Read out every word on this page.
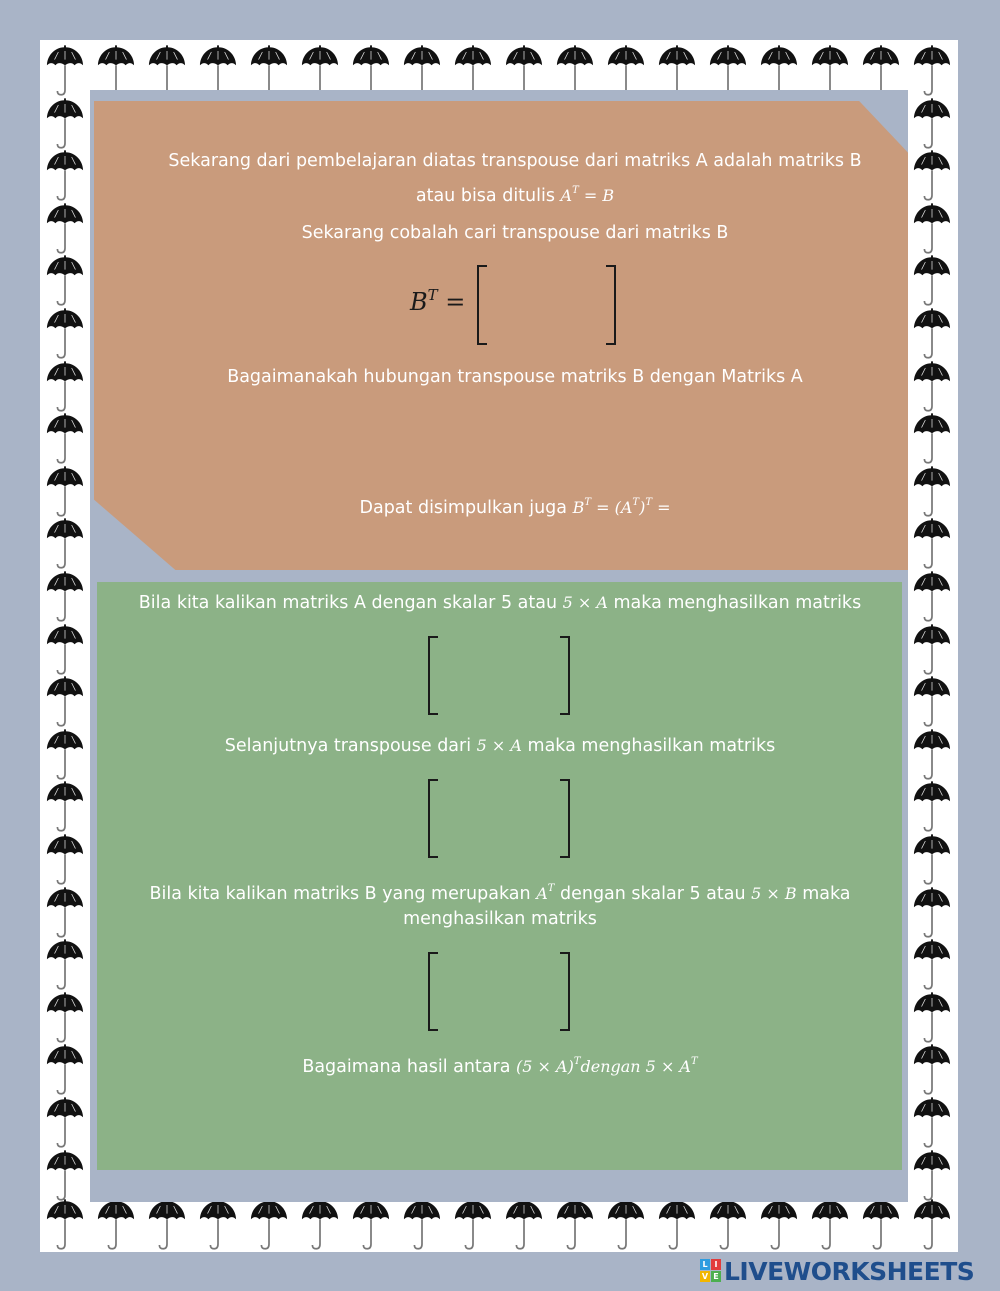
Sekarang dari pembelajaran diatas transpouse dari matriks A adalah matriks B
atau bisa ditulis $A^T = B$
Sekarang cobalah cari transpouse dari matriks B
$B^T$ =
Bagaimanakah hubungan transpouse matriks B dengan Matriks A
Dapat disimpulkan juga $B^T = (A^T)^T$ =
Bila kita kalikan matriks A dengan skalar 5 atau 5 × A maka menghasilkan matriks
Selanjutnya transpouse dari 5 × A maka menghasilkan matriks
Bila kita kalikan matriks B yang merupakan $A^T$ dengan skalar 5 atau 5 × B maka
menghasilkan matriks
Bagaimana hasil antara $(5 \times A)^Tdengan$ $5 \times A^T$
L I
V E LIVEWORKSHEETS
